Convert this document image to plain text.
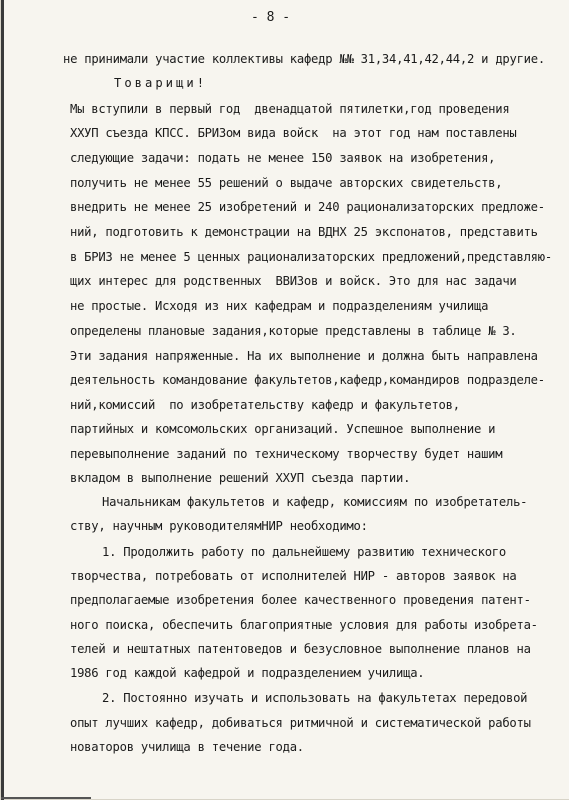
- 8 -
не принимали участие коллективы кафедр №№ 31,34,41,42,44,2 и другие.
Товарищи!
Мы вступили в первый год  двенадцатой пятилетки,год проведения
ХХУП съезда КПСС. БРИЗом вида войск  на этот год нам поставлены
следующие задачи: подать не менее 150 заявок на изобретения,
получить не менее 55 решений о выдаче авторских свидетельств,
внедрить не менее 25 изобретений и 240 рационализаторских предложе-
ний, подготовить к демонстрации на ВДНХ 25 экспонатов, представить
в БРИЗ не менее 5 ценных рационализаторских предложений,представляю-
щих интерес для родственных  ВВИЗов и войск. Это для нас задачи
не простые. Исходя из них кафедрам и подразделениям училища
определены плановые задания,которые представлены в таблице № 3.
Эти задания напряженные. На их выполнение и должна быть направлена
деятельность командование факультетов,кафедр,командиров подразделе-
ний,комиссий  по изобретательству кафедр и факультетов,
партийных и комсомольских организаций. Успешное выполнение и
перевыполнение заданий по техническому творчеству будет нашим
вкладом в выполнение решений ХХУП съезда партии.
Начальникам факультетов и кафедр, комиссиям по изобретатель-
ству, научным руководителямНИР необходимо:
1. Продолжить работу по дальнейшему развитию технического
творчества, потребовать от исполнителей НИР - авторов заявок на
предполагаемые изобретения более качественного проведения патент-
ного поиска, обеспечить благоприятные условия для работы изобрета-
телей и нештатных патентоведов и безусловное выполнение планов на
1986 год каждой кафедрой и подразделением училища.
2. Постоянно изучать и использовать на факультетах передовой
опыт лучших кафедр, добиваться ритмичной и систематической работы
новаторов училища в течение года.
